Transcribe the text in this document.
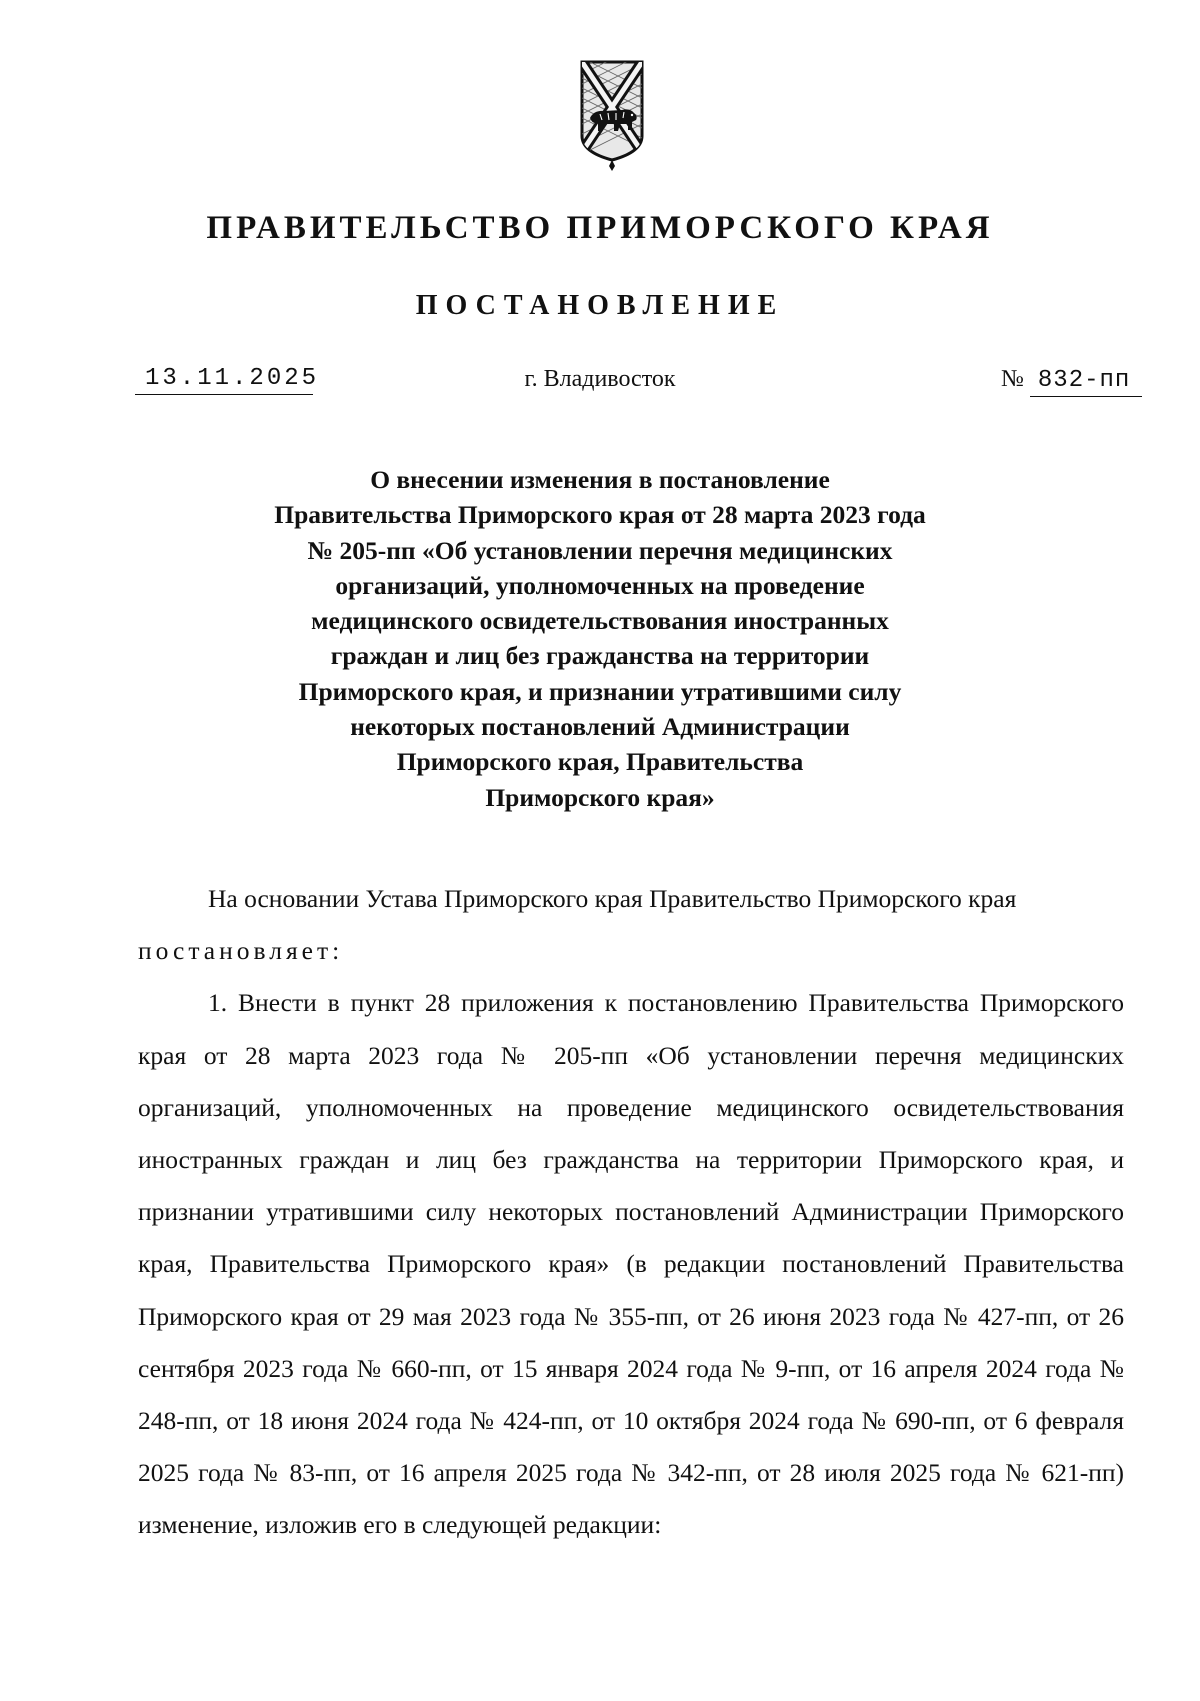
ПРАВИТЕЛЬСТВО ПРИМОРСКОГО КРАЯ
ПОСТАНОВЛЕНИЕ
13.11.2025	г. Владивосток	№ 832-пп
О внесении изменения в постановление
Правительства Приморского края от 28 марта 2023 года
№ 205-пп «Об установлении перечня медицинских
организаций, уполномоченных на проведение
медицинского освидетельствования иностранных
граждан и лиц без гражданства на территории
Приморского края, и признании утратившими силу
некоторых постановлений Администрации
Приморского края, Правительства
Приморского края»

На основании Устава Приморского края Правительство Приморского края

постановляет:

1. Внести в пункт 28 приложения к постановлению Правительства Приморского края от 28 марта 2023 года № 205-пп «Об установлении перечня медицинских организаций, уполномоченных на проведение медицинского освидетельствования иностранных граждан и лиц без гражданства на территории Приморского края, и признании утратившими силу некоторых постановлений Администрации Приморского края, Правительства Приморского края» (в редакции постановлений Правительства Приморского края от 29 мая 2023 года № 355-пп, от 26 июня 2023 года № 427-пп, от 26 сентября 2023 года № 660-пп, от 15 января 2024 года № 9-пп, от 16 апреля 2024 года № 248-пп, от 18 июня 2024 года № 424-пп, от 10 октября 2024 года № 690-пп, от 6 февраля 2025 года № 83-пп, от 16 апреля 2025 года № 342-пп, от 28 июля 2025 года № 621-пп) изменение, изложив его в следующей редакции:
